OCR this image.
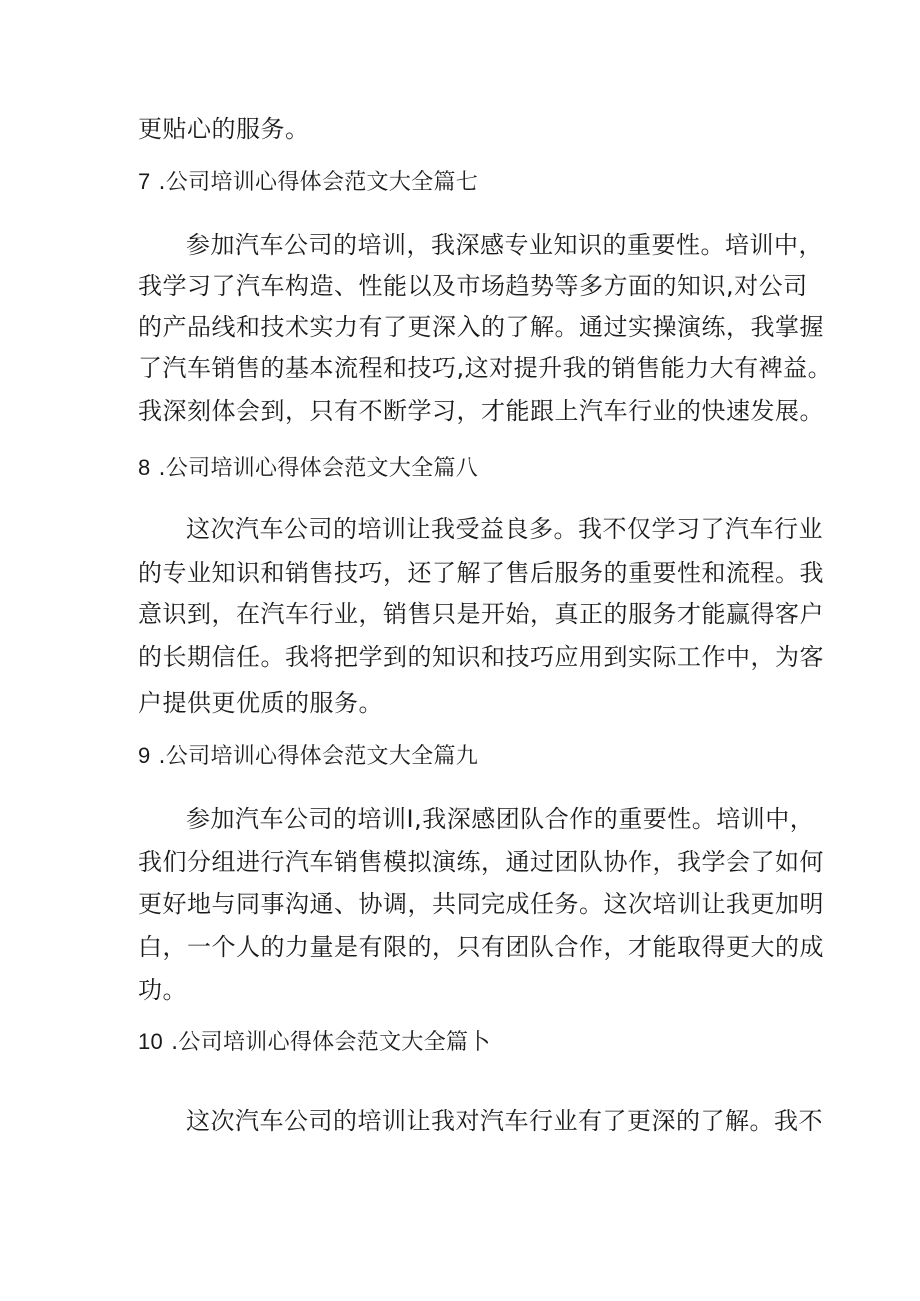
更贴心的服务。
7 .公司培训心得体会范文大全篇七
参加汽车公司的培训，我深感专业知识的重要性。培训中，
我学习了汽车构造、性能以及市场趋势等多方面的知识,对公司
的产品线和技术实力有了更深入的了解。通过实操演练，我掌握
了汽车销售的基本流程和技巧,这对提升我的销售能力大有裨益。
我深刻体会到，只有不断学习，才能跟上汽车行业的快速发展。
8 .公司培训心得体会范文大全篇八
这次汽车公司的培训让我受益良多。我不仅学习了汽车行业
的专业知识和销售技巧，还了解了售后服务的重要性和流程。我
意识到，在汽车行业，销售只是开始，真正的服务才能赢得客户
的长期信任。我将把学到的知识和技巧应用到实际工作中，为客
户提供更优质的服务。
9 .公司培训心得体会范文大全篇九
参加汽车公司的培训I,我深感团队合作的重要性。培训中，
我们分组进行汽车销售模拟演练，通过团队协作，我学会了如何
更好地与同事沟通、协调，共同完成任务。这次培训让我更加明
白，一个人的力量是有限的，只有团队合作，才能取得更大的成
功。
10 .公司培训心得体会范文大全篇卜
这次汽车公司的培训让我对汽车行业有了更深的了解。我不
